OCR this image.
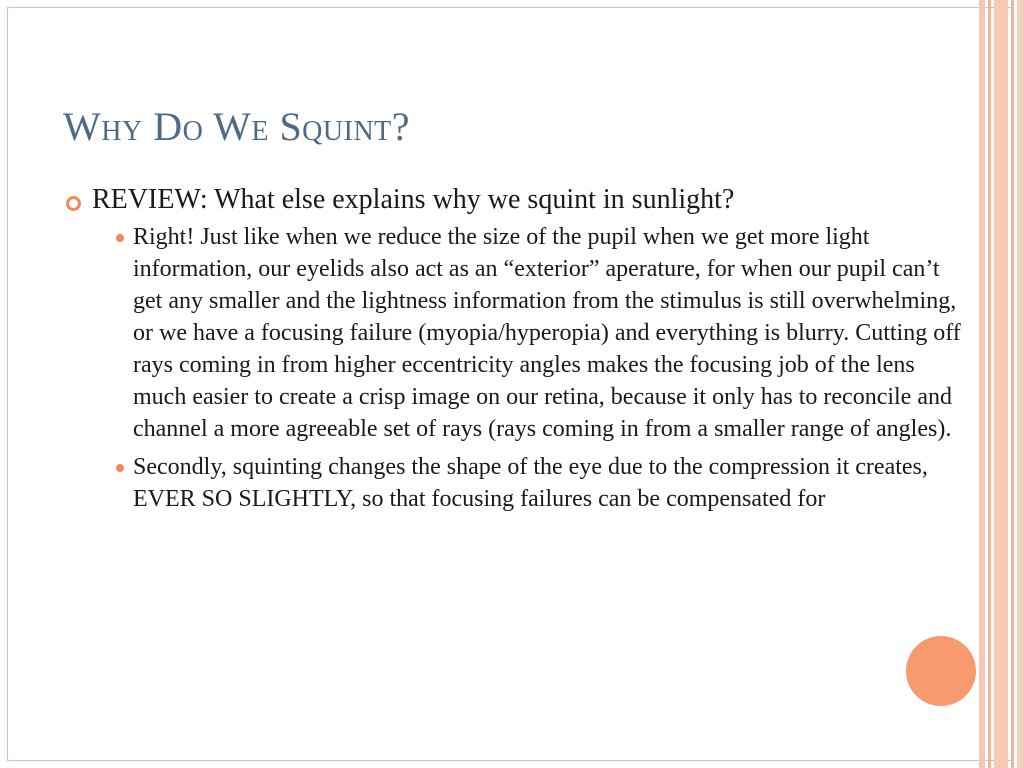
Why Do We Squint?
REVIEW: What else explains why we squint in sunlight?
Right! Just like when we reduce the size of the pupil when we get more light information, our eyelids also act as an “exterior” aperature, for when our pupil can’t get any smaller and the lightness information from the stimulus is still overwhelming, or we have a focusing failure (myopia/hyperopia) and everything is blurry. Cutting off rays coming in from higher eccentricity angles makes the focusing job of the lens much easier to create a crisp image on our retina, because it only has to reconcile and channel a more agreeable set of rays (rays coming in from a smaller range of angles).
Secondly, squinting changes the shape of the eye due to the compression it creates, EVER SO SLIGHTLY, so that focusing failures can be compensated for
